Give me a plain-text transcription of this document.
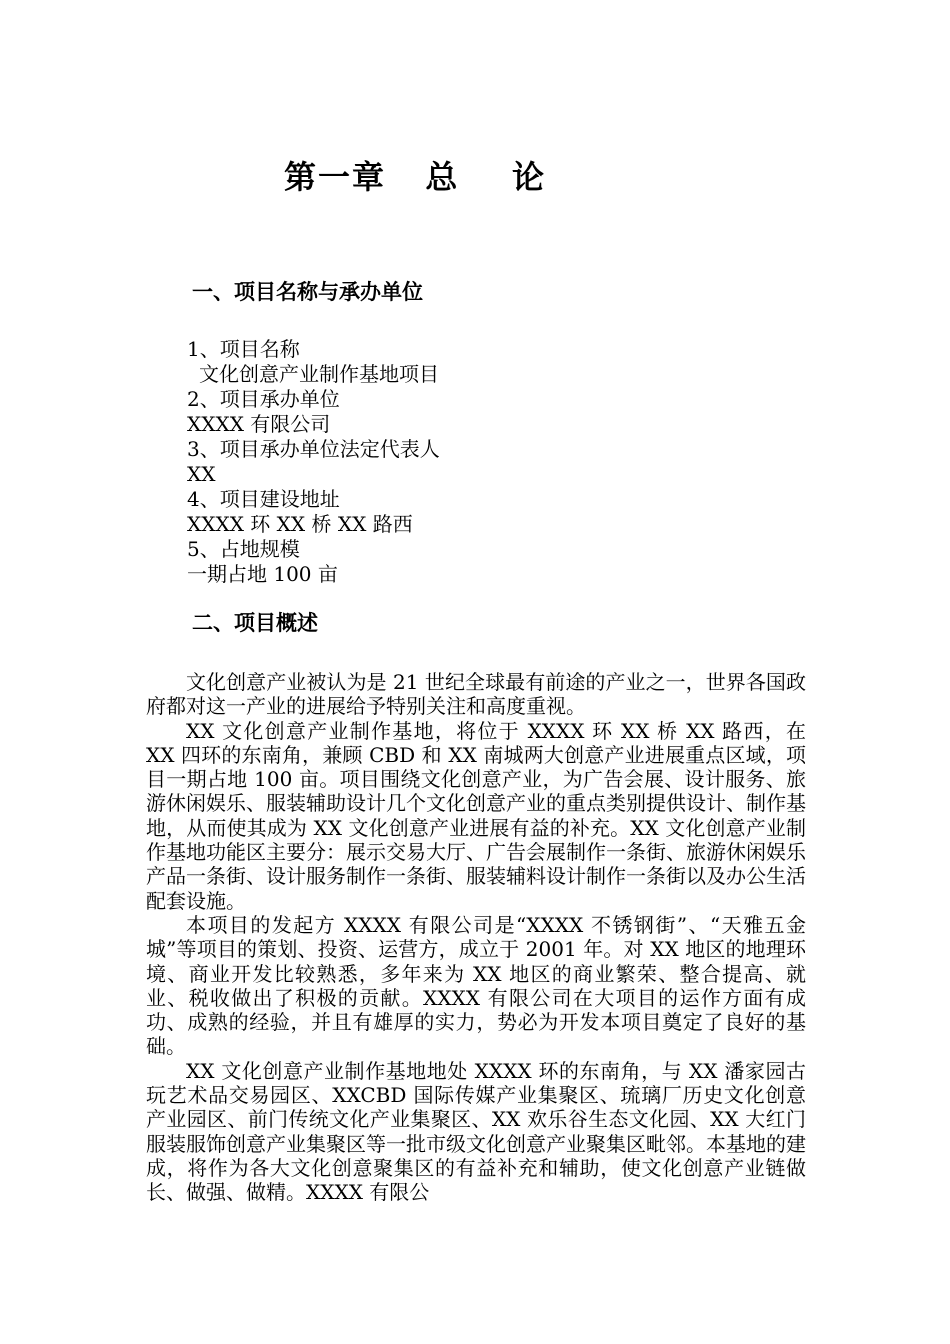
第一章   总    论
一、项目名称与承办单位
1、项目名称
文化创意产业制作基地项目
2、项目承办单位
XXXX 有限公司
3、项目承办单位法定代表人
XX
4、项目建设地址
XXXX 环 XX 桥 XX 路西
5、占地规模
一期占地 100 亩
二、项目概述

文化创意产业被认为是 21 世纪全球最有前途的产业之一，世界各国政府都对这一产业的进展给予特别关注和高度重视。

XX 文化创意产业制作基地，将位于 XXXX 环 XX 桥 XX 路西，在 XX 四环的东南角，兼顾 CBD 和 XX 南城两大创意产业进展重点区域，项目一期占地 100 亩。项目围绕文化创意产业，为广告会展、设计服务、旅游休闲娱乐、服装辅助设计几个文化创意产业的重点类别提供设计、制作基地，从而使其成为 XX 文化创意产业进展有益的补充。XX 文化创意产业制作基地功能区主要分：展示交易大厅、广告会展制作一条街、旅游休闲娱乐产品一条街、设计服务制作一条街、服装辅料设计制作一条街以及办公生活配套设施。

本项目的发起方 XXXX 有限公司是“XXXX 不锈钢街”、“天雅五金城”等项目的策划、投资、运营方，成立于 2001 年。对 XX 地区的地理环境、商业开发比较熟悉，多年来为 XX 地区的商业繁荣、整合提高、就业、税收做出了积极的贡献。XXXX 有限公司在大项目的运作方面有成功、成熟的经验，并且有雄厚的实力，势必为开发本项目奠定了良好的基础。

XX 文化创意产业制作基地地处 XXXX 环的东南角，与 XX 潘家园古玩艺术品交易园区、XXCBD 国际传媒产业集聚区、琉璃厂历史文化创意产业园区、前门传统文化产业集聚区、XX 欢乐谷生态文化园、XX 大红门服装服饰创意产业集聚区等一批市级文化创意产业聚集区毗邻。本基地的建成，将作为各大文化创意聚集区的有益补充和辅助，使文化创意产业链做长、做强、做精。XXXX 有限公
